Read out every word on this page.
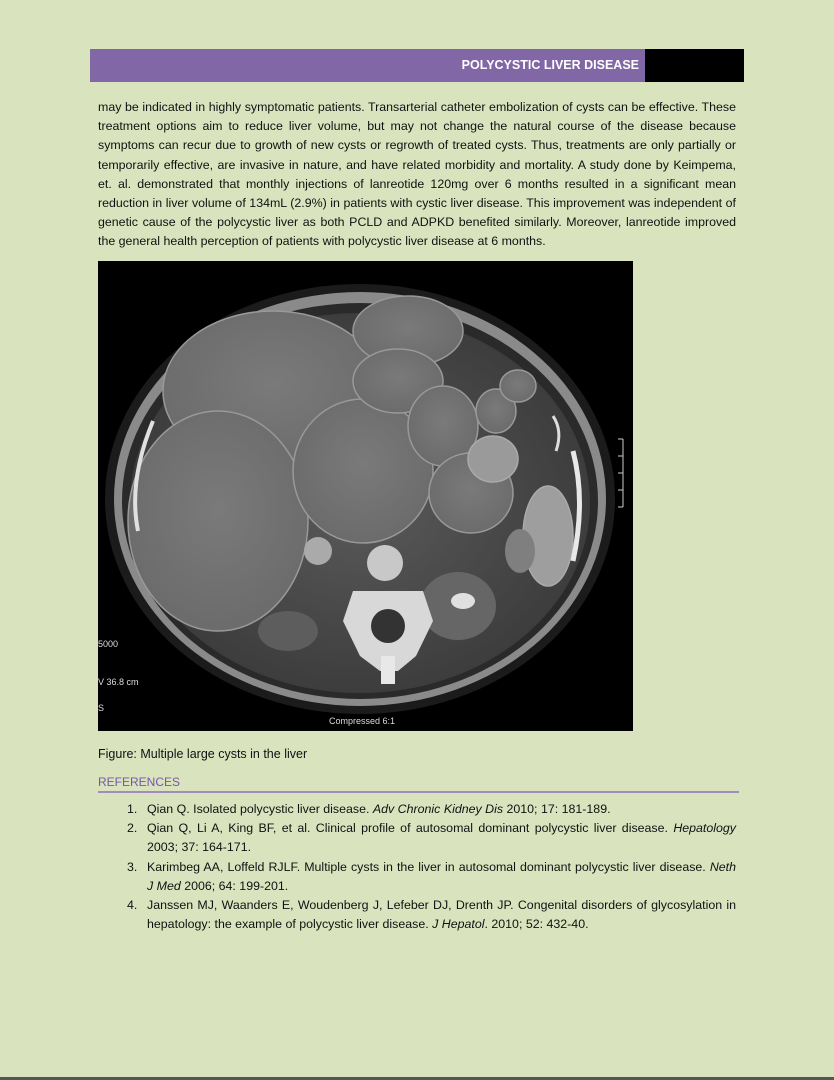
POLYCYSTIC LIVER DISEASE

may be indicated in highly symptomatic patients. Transarterial catheter embolization of cysts can be effective. These treatment options aim to reduce liver volume, but may not change the natural course of the disease because symptoms can recur due to growth of new cysts or regrowth of treated cysts. Thus, treatments are only partially or temporarily effective, are invasive in nature, and have related morbidity and mortality. A study done by Keimpema, et. al. demonstrated that monthly injections of lanreotide 120mg over 6 months resulted in a significant mean reduction in liver volume of 134mL (2.9%) in patients with cystic liver disease. This improvement was independent of genetic cause of the polycystic liver as both PCLD and ADPKD benefited similarly. Moreover, lanreotide improved the general health perception of patients with polycystic liver disease at 6 months.

5000
V 36.8 cm
S
Compressed 6:1

Figure: Multiple large cysts in the liver

REFERENCES
1. Qian Q. Isolated polycystic liver disease. Adv Chronic Kidney Dis 2010; 17: 181-189.
2. Qian Q, Li A, King BF, et al. Clinical profile of autosomal dominant polycystic liver disease. Hepatology 2003; 37: 164-171.
3. Karimbeg AA, Loffeld RJLF. Multiple cysts in the liver in autosomal dominant polycystic liver disease. Neth J Med 2006; 64: 199-201.
4. Janssen MJ, Waanders E, Woudenberg J, Lefeber DJ, Drenth JP. Congenital disorders of glycosylation in hepatology: the example of polycystic liver disease. J Hepatol. 2010; 52: 432-40.
